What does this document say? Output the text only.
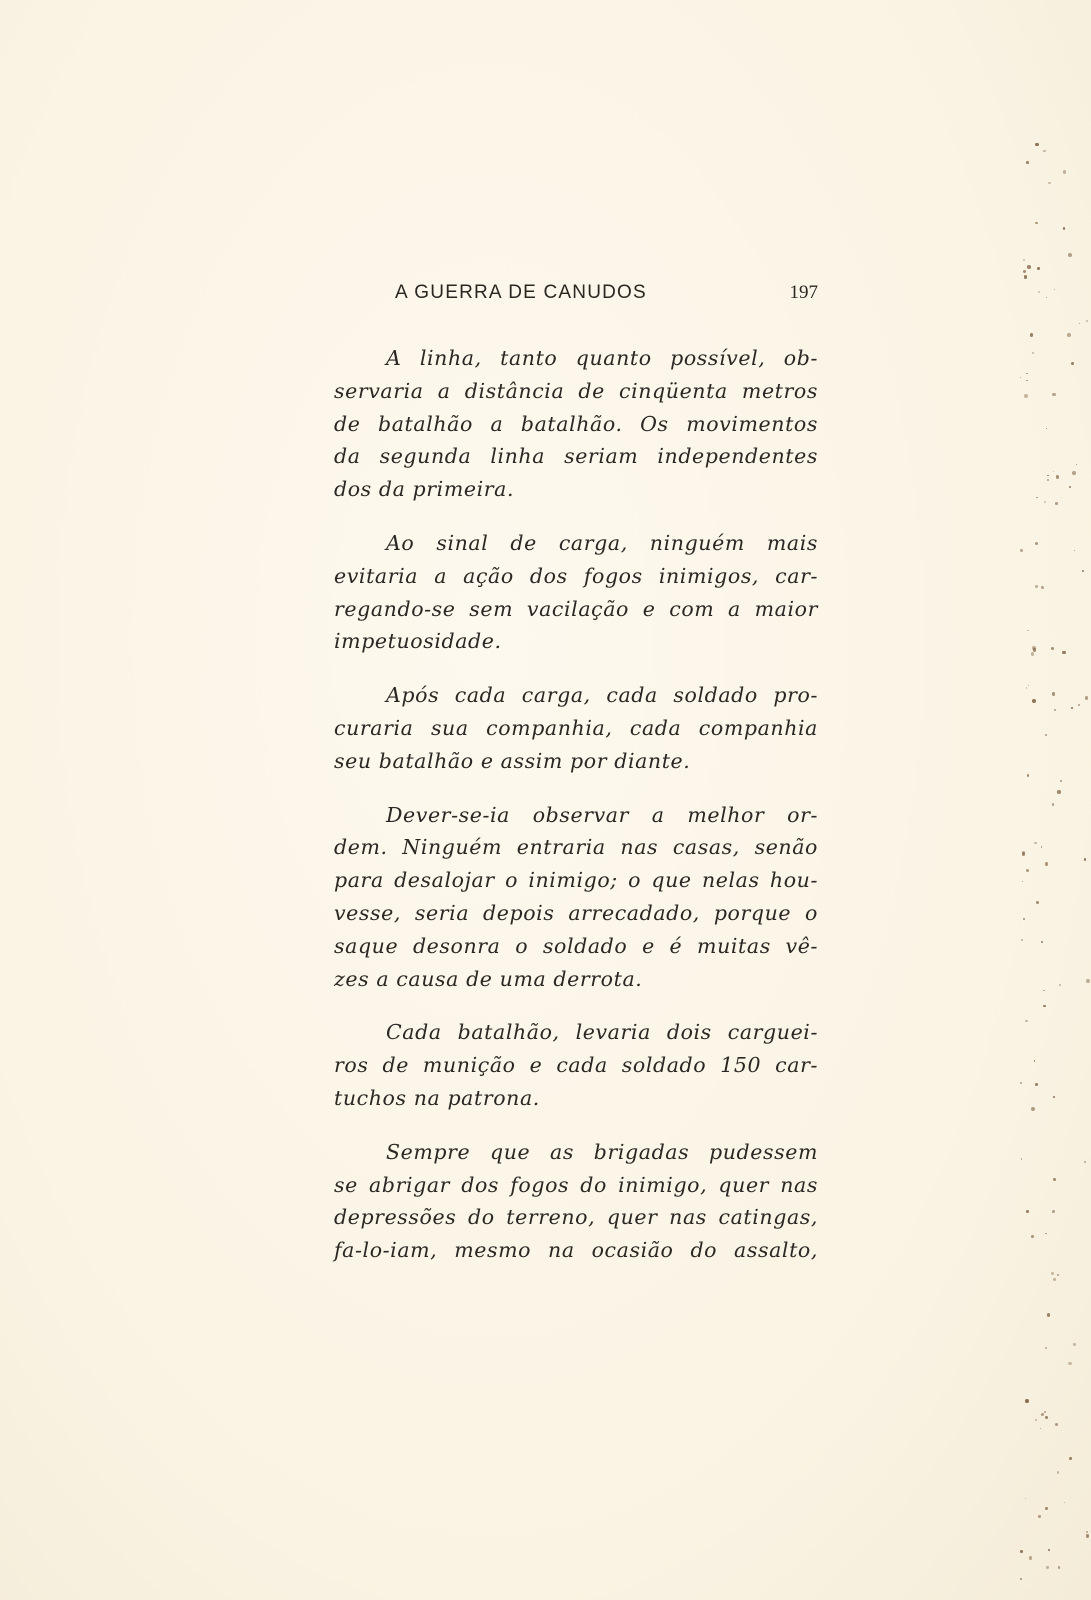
A GUERRA DE CANUDOS	197

A linha, tanto quanto possível, ob-
servaria a distância de cinqüenta metros
de batalhão a batalhão. Os movimentos
da segunda linha seriam independentes
dos da primeira.

Ao sinal de carga, ninguém mais
evitaria a ação dos fogos inimigos, car-
regando-se sem vacilação e com a maior
impetuosidade.

Após cada carga, cada soldado pro-
curaria sua companhia, cada companhia
seu batalhão e assim por diante.

Dever-se-ia observar a melhor or-
dem. Ninguém entraria nas casas, senão
para desalojar o inimigo; o que nelas hou-
vesse, seria depois arrecadado, porque o
saque desonra o soldado e é muitas vê-
zes a causa de uma derrota.

Cada batalhão, levaria dois carguei-
ros de munição e cada soldado 150 car-
tuchos na patrona.

Sempre que as brigadas pudessem
se abrigar dos fogos do inimigo, quer nas
depressões do terreno, quer nas catingas,
fa-lo-iam, mesmo na ocasião do assalto,
